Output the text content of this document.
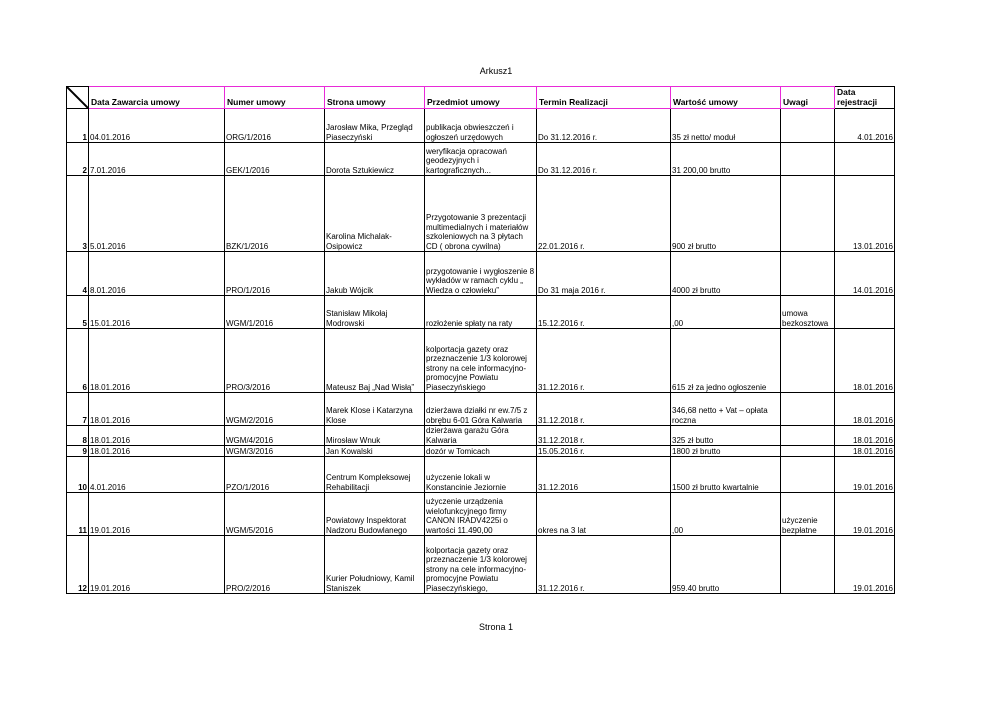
Arkusz1
	Data Zawarcia umowy	Numer umowy	Strona umowy	Przedmiot umowy	Termin Realizacji	Wartość umowy	Uwagi	Data rejestracji
1	04.01.2016	ORG/1/2016	Jarosław Mika, Przegląd Piaseczyński	publikacja obwieszczeń i ogłoszeń urzędowych	Do 31.12.2016 r.	35 zł netto/ moduł		4.01.2016
2	7.01.2016	GEK/1/2016	Dorota Sztukiewicz	weryfikacja opracowań geodezyjnych i kartograficznych...	Do 31.12.2016 r.	31 200,00 brutto		
3	5.01.2016	BZK/1/2016	Karolina Michalak-Osipowicz	Przygotowanie 3 prezentacji multimedialnych i materiałów szkoleniowych na 3 płytach CD ( obrona cywilna)	22.01.2016 r.	900 zł brutto		13.01.2016
4	8.01.2016	PRO/1/2016	Jakub Wójcik	przygotowanie i wygłoszenie 8 wykładów w ramach cyklu „ Wiedza o człowieku”	Do 31 maja 2016 r.	4000 zł brutto		14.01.2016
5	15.01.2016	WGM/1/2016	Stanisław Mikołaj Modrowski	rozłożenie spłaty na raty	15.12.2016 r.	,00	umowa bezkosztowa	
6	18.01.2016	PRO/3/2016	Mateusz Baj „Nad Wisłą”	kolportacja gazety oraz przeznaczenie 1/3 kolorowej strony na cele informacyjno-promocyjne Powiatu Piaseczyńskiego	31.12.2016 r.	615 zł za jedno ogłoszenie		18.01.2016
7	18.01.2016	WGM/2/2016	Marek Klose i Katarzyna Klose	dzierżawa działki nr ew.7/5 z obrębu 6-01 Góra Kalwaria	31.12.2018 r.	346,68 netto + Vat – opłata roczna		18.01.2016
8	18.01.2016	WGM/4/2016	Mirosław Wnuk	dzierżawa garażu Góra Kalwaria	31.12.2018 r.	325 zł butto		18.01.2016
9	18.01.2016	WGM/3/2016	Jan Kowalski	dozór w Tomicach	15.05.2016 r.	1800 zł brutto		18.01.2016
10	4.01.2016	PZO/1/2016	Centrum Kompleksowej Rehabilitacji	użyczenie lokali w Konstancinie Jeziornie	31.12.2016	1500 zł brutto kwartalnie		19.01.2016
11	19.01.2016	WGM/5/2016	Powiatowy Inspektorat Nadzoru Budowlanego	użyczenie urządzenia wielofunkcyjnego firmy CANON IRADV4225i o wartości 11.490,00	okres na 3 lat	,00	użyczenie bezpłatne	19.01.2016
12	19.01.2016	PRO/2/2016	Kurier Południowy, Kamil Staniszek	kolportacja gazety oraz przeznaczenie 1/3 kolorowej strony na cele informacyjno-promocyjne Powiatu Piaseczyńskiego,	31.12.2016 r.	959.40 brutto		19.01.2016
Strona 1
